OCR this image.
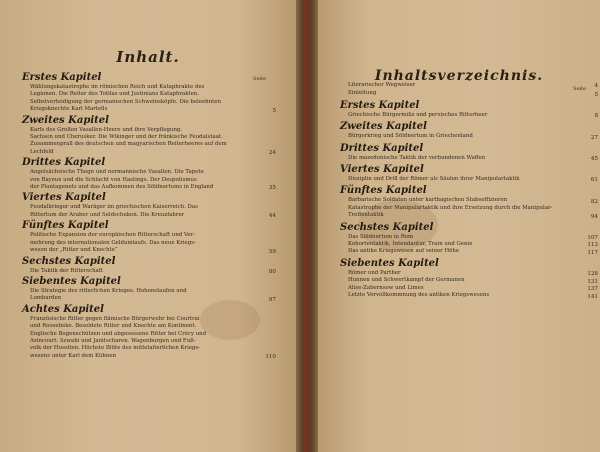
Inhalt.
Seite
Erstes Kapitel
Wählungskatastrophe im römischen Reich und Kataphrakte des
Legionen. Die Reiter des Totilas und Justinians Kataphrakten.
Selbstverteidigung der germanischen Schweinsköpfe. Die beleehnten
Kriegsknechte Karl Martells	5
Zweites Kapitel
Karls des Großen Vasallen-Heere und ihre Verpflegung.
Sachsen und Cherusker. Die Wikinger und der fränkische Feudalstaat.
Zusammenprall des deutschen und magyarischen Reiterheeres auf dem
Lechfeld	24
Drittes Kapitel
Angelsächsische Thegn und normannische Vasallen. Die Tapete
von Bayeux und die Schlacht von Hastings. Der Despotismus
der Plantagenets und das Aufkommen des Söldnertums in England	35
Viertes Kapitel
Feudalkrieger und Waräger im griechischen Kaiserreich. Das
Rittertum der Araber und Seldschuken. Die Kreuzfahrer	44
Fünftes Kapitel
Politische Expansion der europäischen Ritterschaft und Ver-
mehrung des internationalen Geldumlaufs. Das neue Kriegs-
wesen der „Ritter und Knechte“	59
Sechstes Kapitel
Die Taktik der Ritterschaft	80
Siebentes Kapitel
Die Strategie des ritterlichen Krieges. Hohenstaufen und
Lombarden	97
Achtes Kapitel
Französische Ritter gegen flämische Bürgerwehr bei Courtrai
und Roosebeke. Besoldete Ritter und Knechte am Kontinent.
Englische Bogenschützen und abgesessene Ritter bei Crécy und
Azincourt. Szwahi und Janitscharen. Wagenburgen und Fuß-
volk der Hussiten. Höchste Blüte des mittelalterlichen Kriegs-
wesens unter Karl dem Kühnen	110
Inhaltsverzeichnis.
Seite
Literarischer Wegweiser	4
Einleitung	5
Erstes Kapitel
Griechische Bürgermiliz und persisches Ritterheer	8
Zweites Kapitel
Bürgerkrieg und Söldnertum in Griechenland	27
Drittes Kapitel
Die mazedonische Taktik der verbundenen Waffen	45
Viertes Kapitel
Disziplin und Drill der Römer als Säulen ihrer Manipulartaktik	61
Fünftes Kapitel
Barbarische Soldaten unter karthagischen Stabsoffizieren	82
Katastrophe der Manipulartaktik und ihre Ersetzung durch die Manipular-
Treffentaktik	94
Sechstes Kapitel
Das Söldnertum in Rom	107
Kohortentaktik, Intendantur, Train und Genie	113
Das antike Kriegswesen auf seiner Höhe	117
Siebentes Kapitel
Römer und Parther	128
Hunnen und Schwertkampf der Germanen	131
Alise-Zabernsow und Limes	137
Letzte Vervollkommnung des antiken Kriegswesens	141
